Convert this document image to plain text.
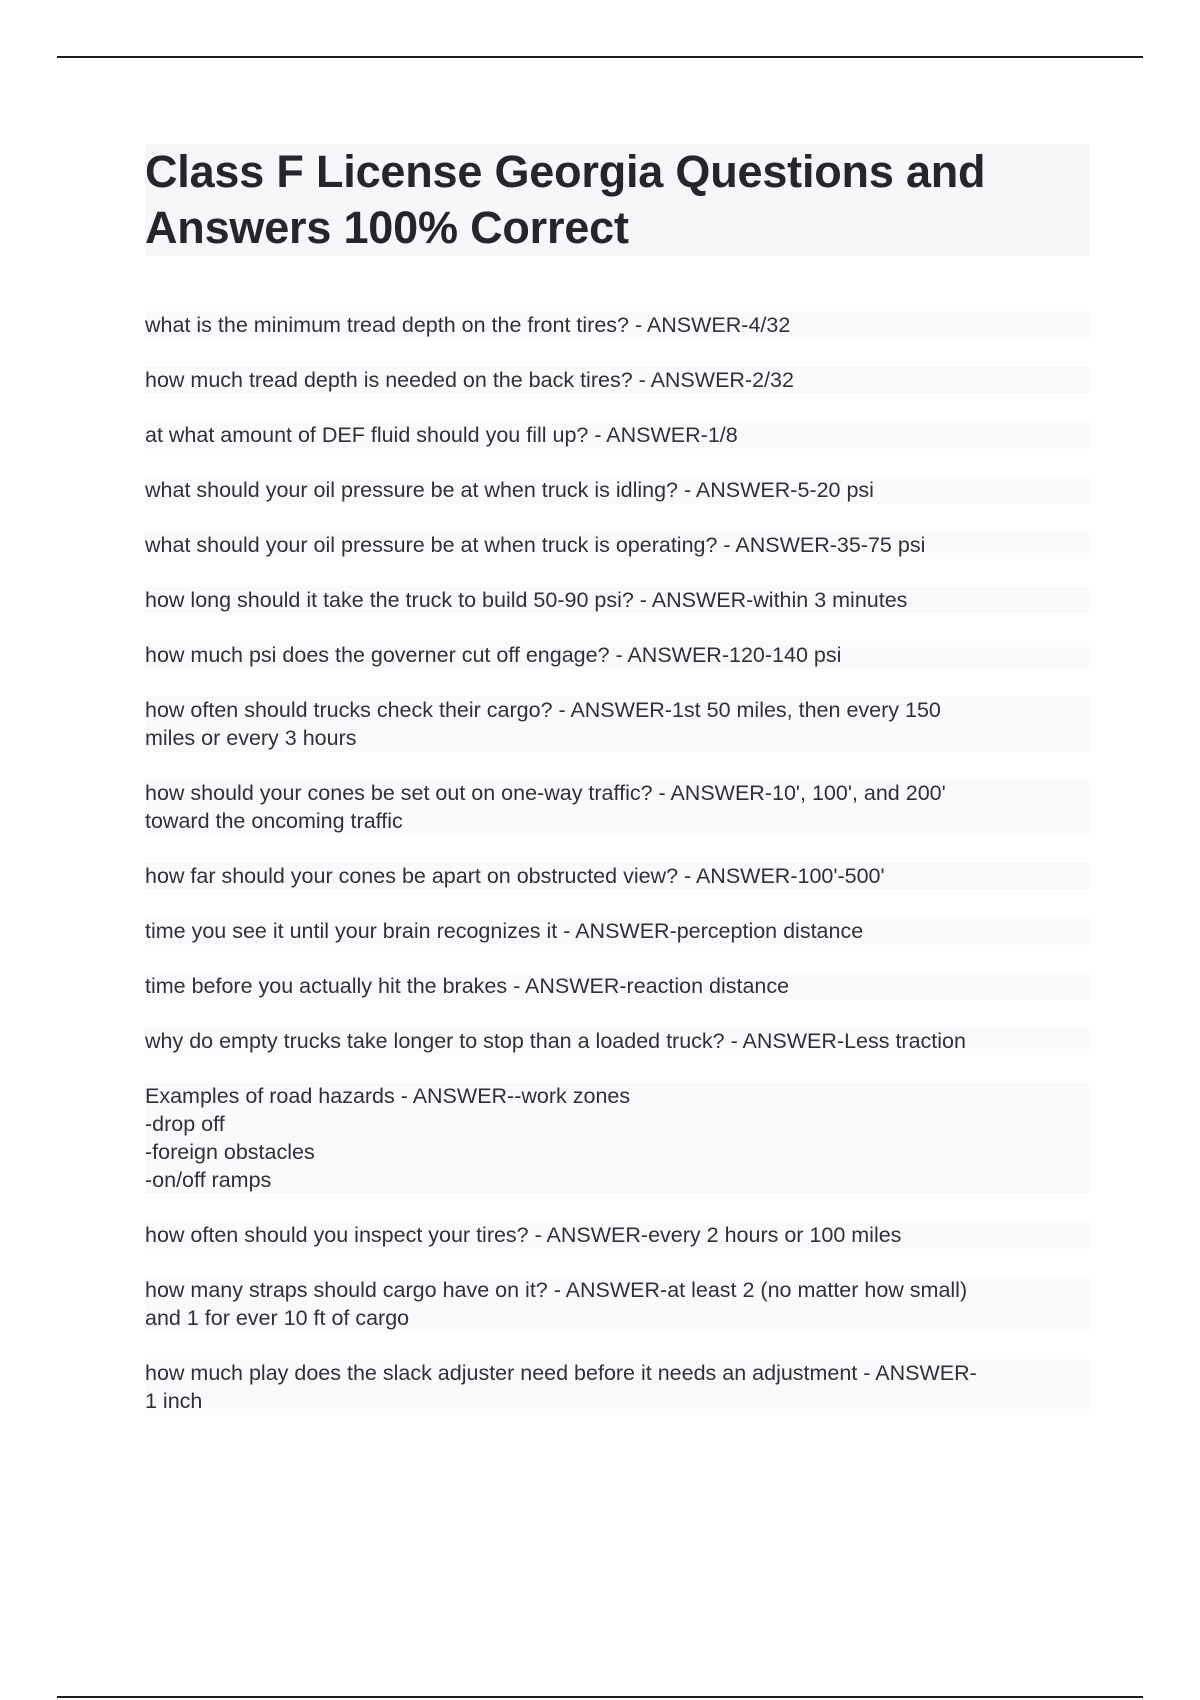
Class F License Georgia Questions and Answers 100% Correct
what is the minimum tread depth on the front tires? - ANSWER-4/32
how much tread depth is needed on the back tires? - ANSWER-2/32
at what amount of DEF fluid should you fill up? - ANSWER-1/8
what should your oil pressure be at when truck is idling? - ANSWER-5-20 psi
what should your oil pressure be at when truck is operating? - ANSWER-35-75 psi
how long should it take the truck to build 50-90 psi? - ANSWER-within 3 minutes
how much psi does the governer cut off engage? - ANSWER-120-140 psi
how often should trucks check their cargo? - ANSWER-1st 50 miles, then every 150
miles or every 3 hours
how should your cones be set out on one-way traffic? - ANSWER-10', 100', and 200'
toward the oncoming traffic
how far should your cones be apart on obstructed view? - ANSWER-100'-500'
time you see it until your brain recognizes it - ANSWER-perception distance
time before you actually hit the brakes - ANSWER-reaction distance
why do empty trucks take longer to stop than a loaded truck? - ANSWER-Less traction
Examples of road hazards - ANSWER--work zones
-drop off
-foreign obstacles
-on/off ramps
how often should you inspect your tires? - ANSWER-every 2 hours or 100 miles
how many straps should cargo have on it? - ANSWER-at least 2 (no matter how small)
and 1 for ever 10 ft of cargo
how much play does the slack adjuster need before it needs an adjustment - ANSWER-
1 inch
